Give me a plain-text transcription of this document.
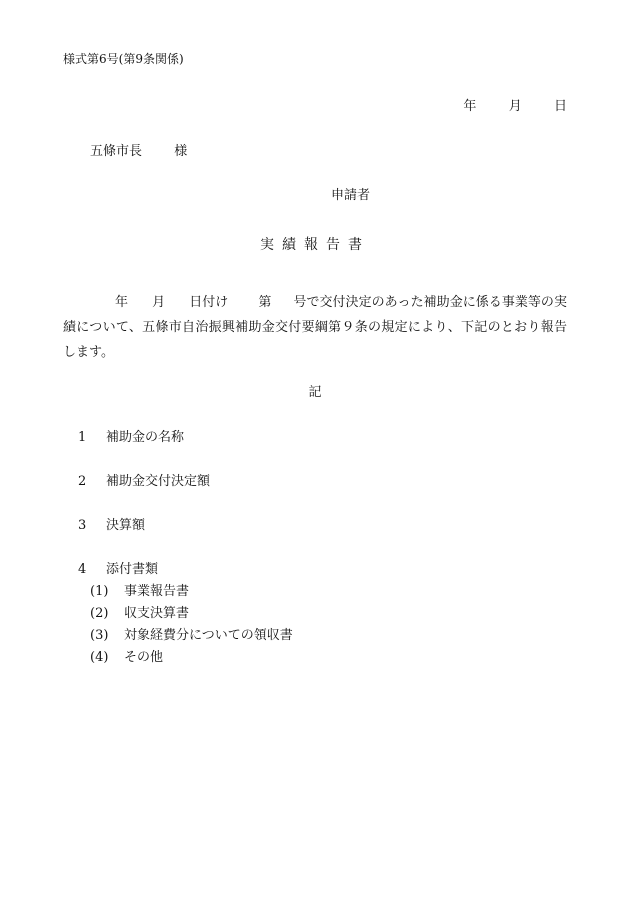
様式第6号(第9条関係)
年 月 日
五條市長 様
申請者
実績報告書
年 月 日付け 第 号で交付決定のあった補助金に係る事業等の実績について、五條市自治振興補助金交付要綱第９条の規定により、下記のとおり報告します。
記
1 補助金の名称
2 補助金交付決定額
3 決算額
4 添付書類
(1) 事業報告書
(2) 収支決算書
(3) 対象経費分についての領収書
(4) その他
